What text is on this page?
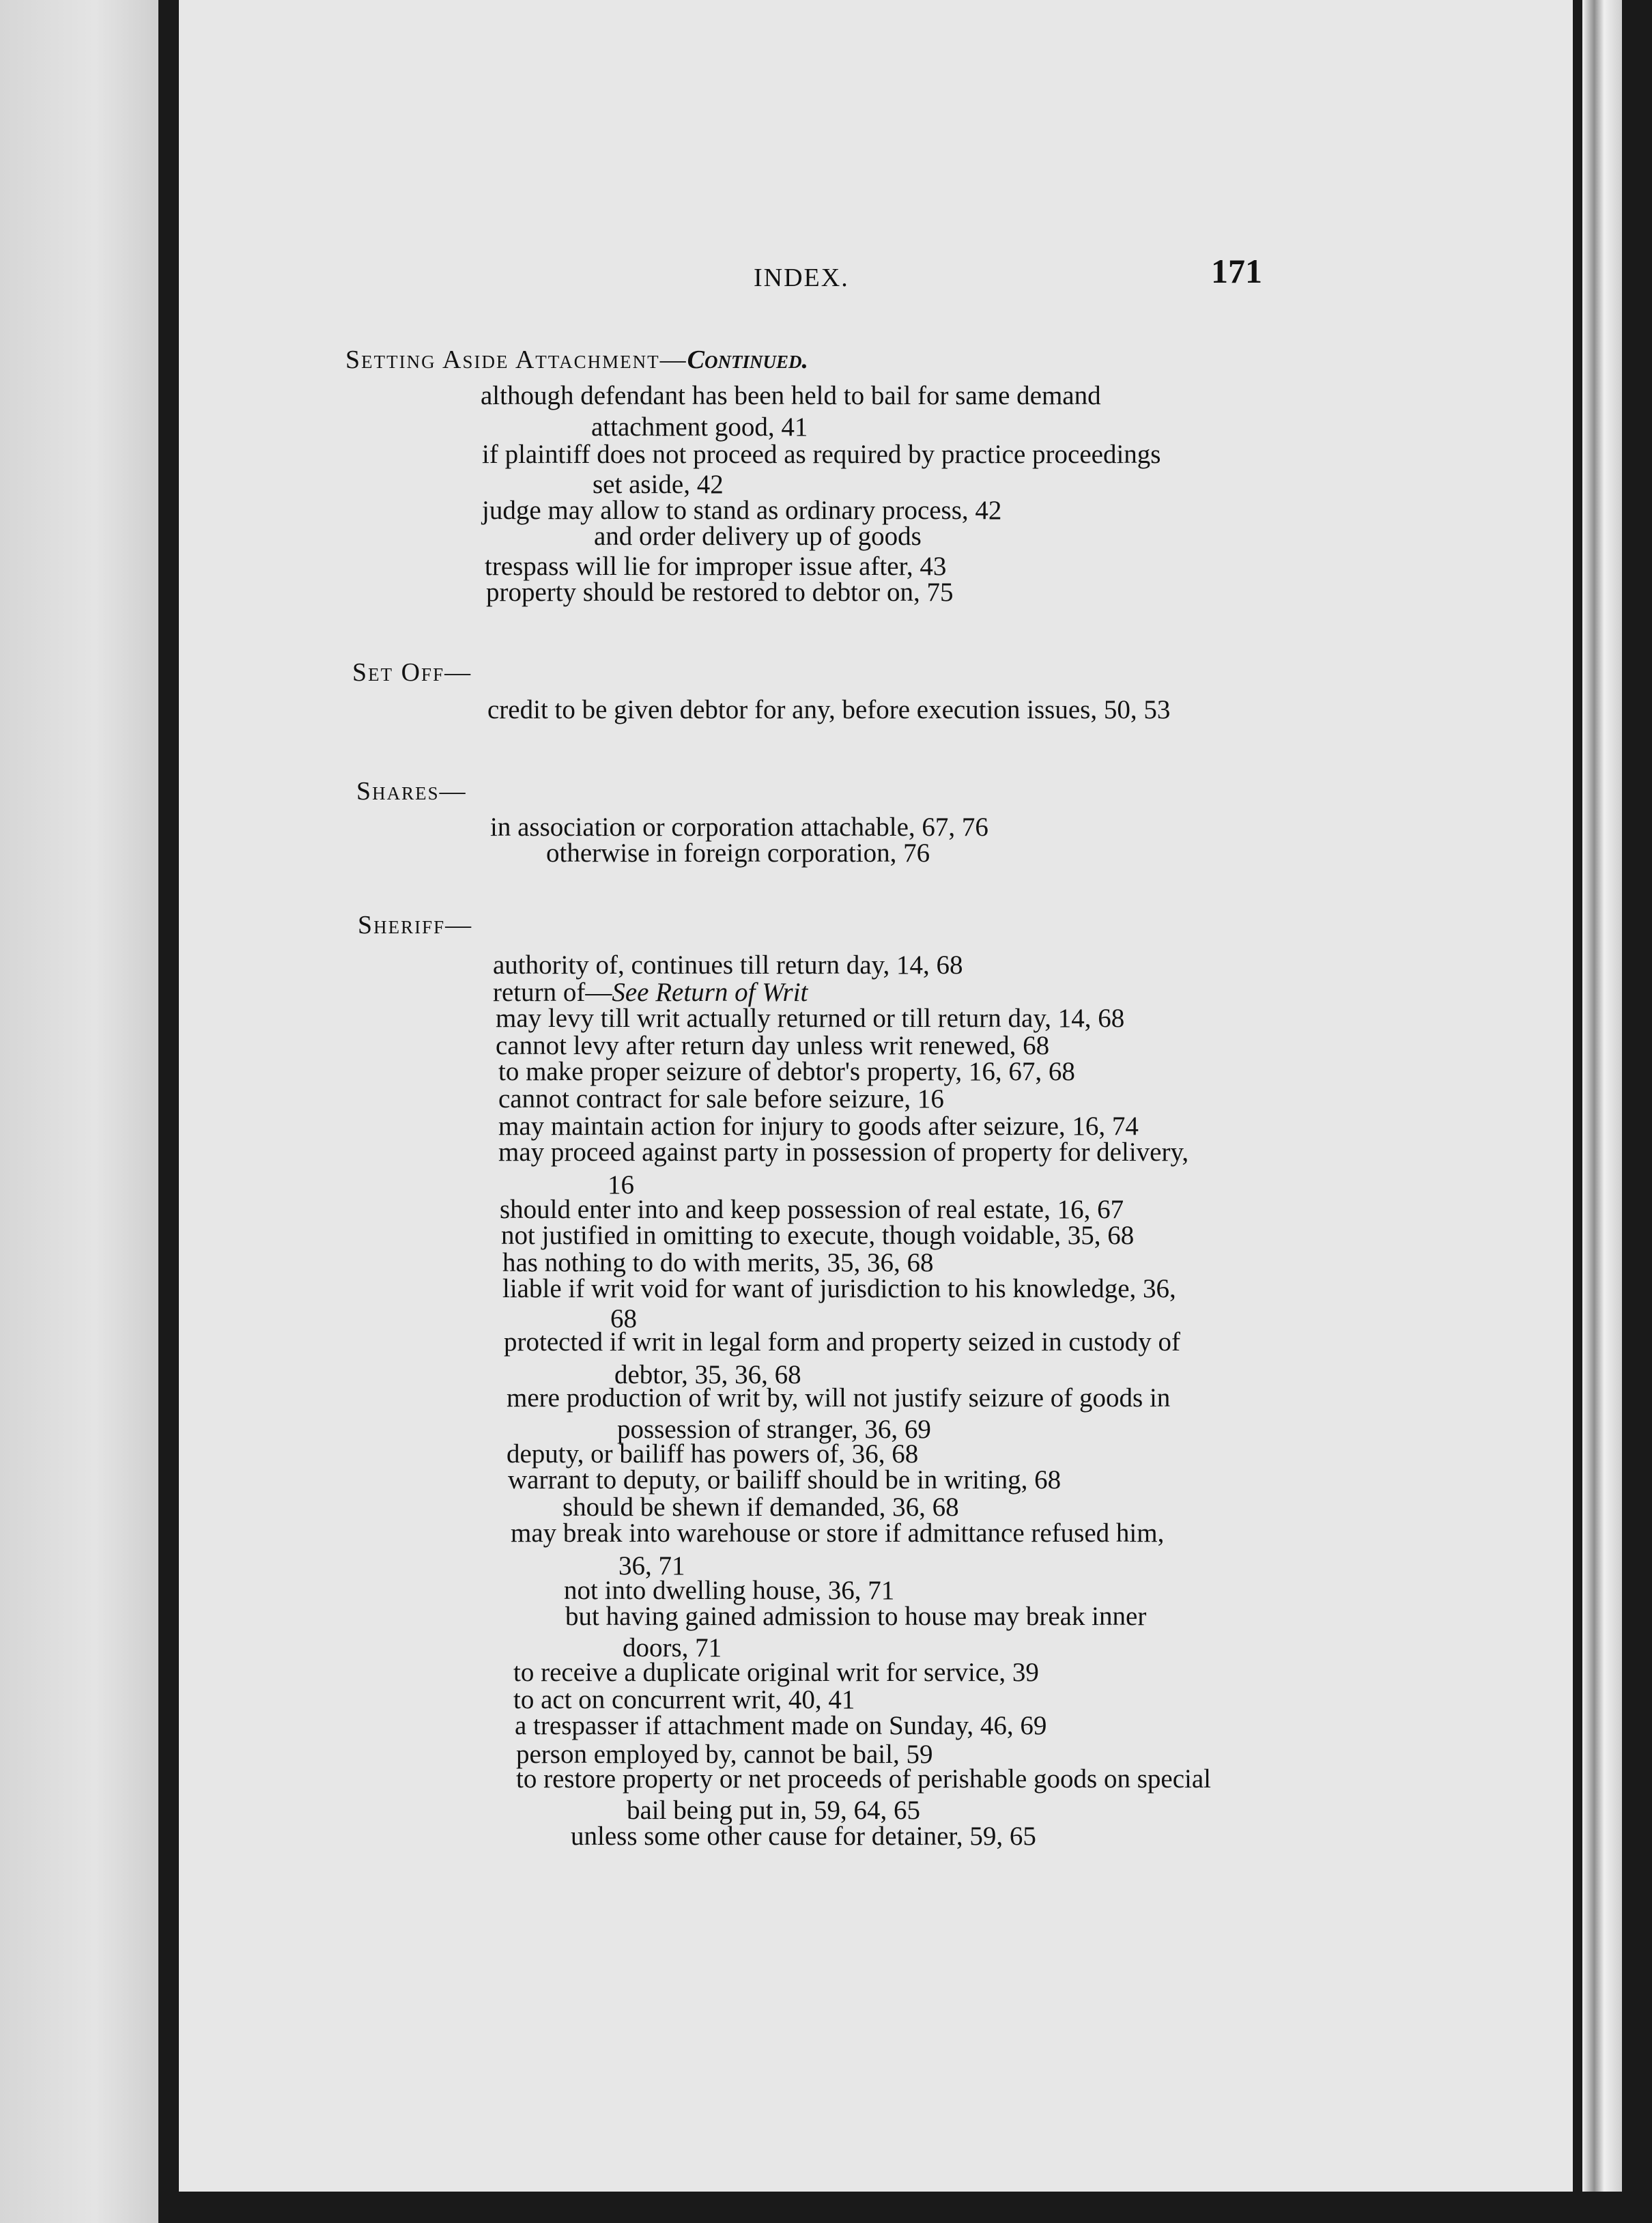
INDEX.	171
Setting Aside Attachment—Continued.
although defendant has been held to bail for same demand
attachment good, 41
if plaintiff does not proceed as required by practice proceedings
set aside, 42
judge may allow to stand as ordinary process, 42
and order delivery up of goods
trespass will lie for improper issue after, 43
property should be restored to debtor on, 75
Set Off—
credit to be given debtor for any, before execution issues, 50, 53
Shares—
in association or corporation attachable, 67, 76
otherwise in foreign corporation, 76
Sheriff—
authority of, continues till return day, 14, 68
return of—See Return of Writ
may levy till writ actually returned or till return day, 14, 68
cannot levy after return day unless writ renewed, 68
to make proper seizure of debtor's property, 16, 67, 68
cannot contract for sale before seizure, 16
may maintain action for injury to goods after seizure, 16, 74
may proceed against party in possession of property for delivery,
16
should enter into and keep possession of real estate, 16, 67
not justified in omitting to execute, though voidable, 35, 68
has nothing to do with merits, 35, 36, 68
liable if writ void for want of jurisdiction to his knowledge, 36,
68
protected if writ in legal form and property seized in custody of
debtor, 35, 36, 68
mere production of writ by, will not justify seizure of goods in
possession of stranger, 36, 69
deputy, or bailiff has powers of, 36, 68
warrant to deputy, or bailiff should be in writing, 68
should be shewn if demanded, 36, 68
may break into warehouse or store if admittance refused him,
36, 71
not into dwelling house, 36, 71
but having gained admission to house may break inner
doors, 71
to receive a duplicate original writ for service, 39
to act on concurrent writ, 40, 41
a trespasser if attachment made on Sunday, 46, 69
person employed by, cannot be bail, 59
to restore property or net proceeds of perishable goods on special
bail being put in, 59, 64, 65
unless some other cause for detainer, 59, 65
